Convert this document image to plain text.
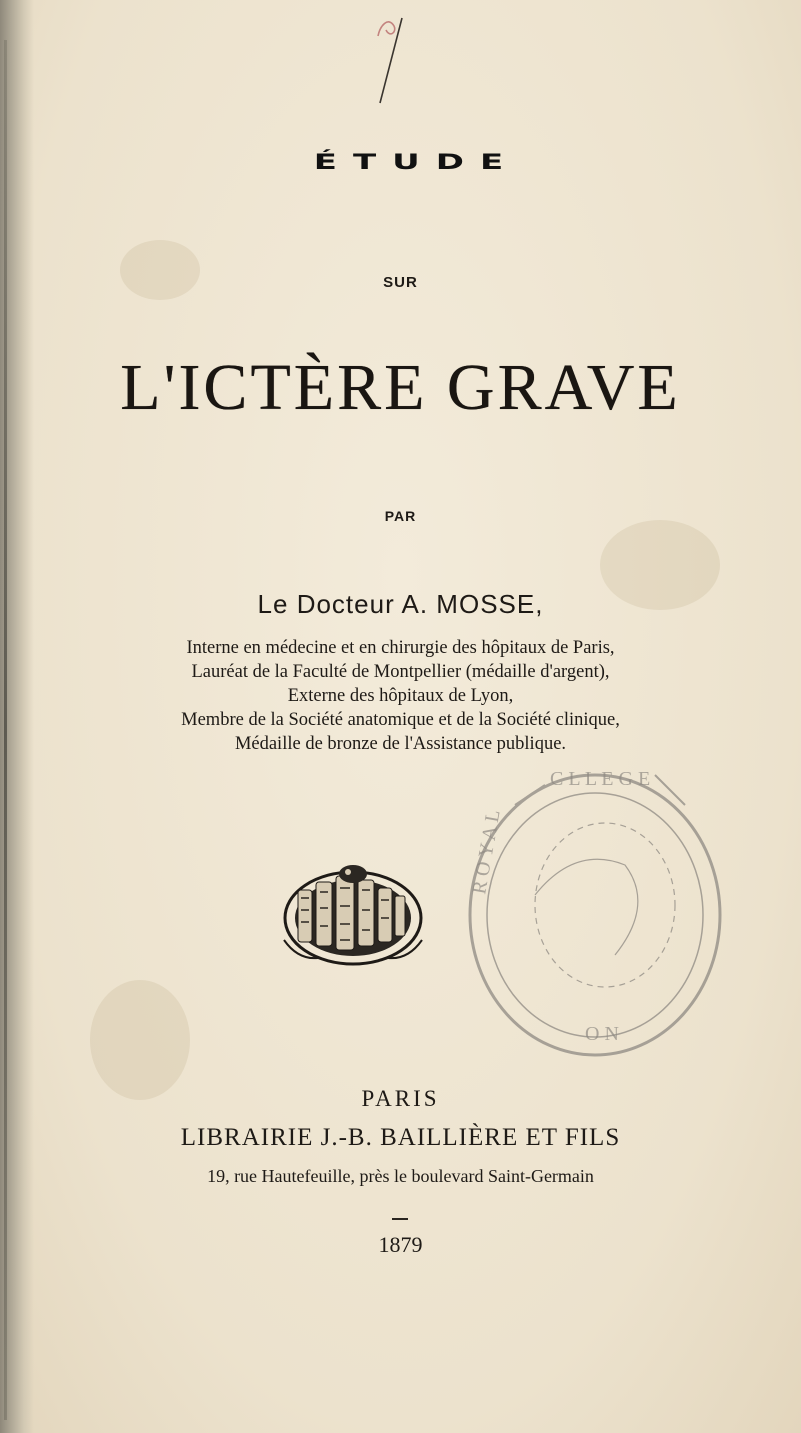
ÉTUDE
SUR
L'ICTÈRE GRAVE
PAR
Le Docteur A. MOSSE,
Interne en médecine et en chirurgie des hôpitaux de Paris,
Lauréat de la Faculté de Montpellier (médaille d'argent),
Externe des hôpitaux de Lyon,
Membre de la Société anatomique et de la Société clinique,
Médaille de bronze de l'Assistance publique.
C L L E G E
R O Y A L
O N
PARIS
LIBRAIRIE J.-B. BAILLIÈRE ET FILS
19, rue Hautefeuille, près le boulevard Saint-Germain
1879
